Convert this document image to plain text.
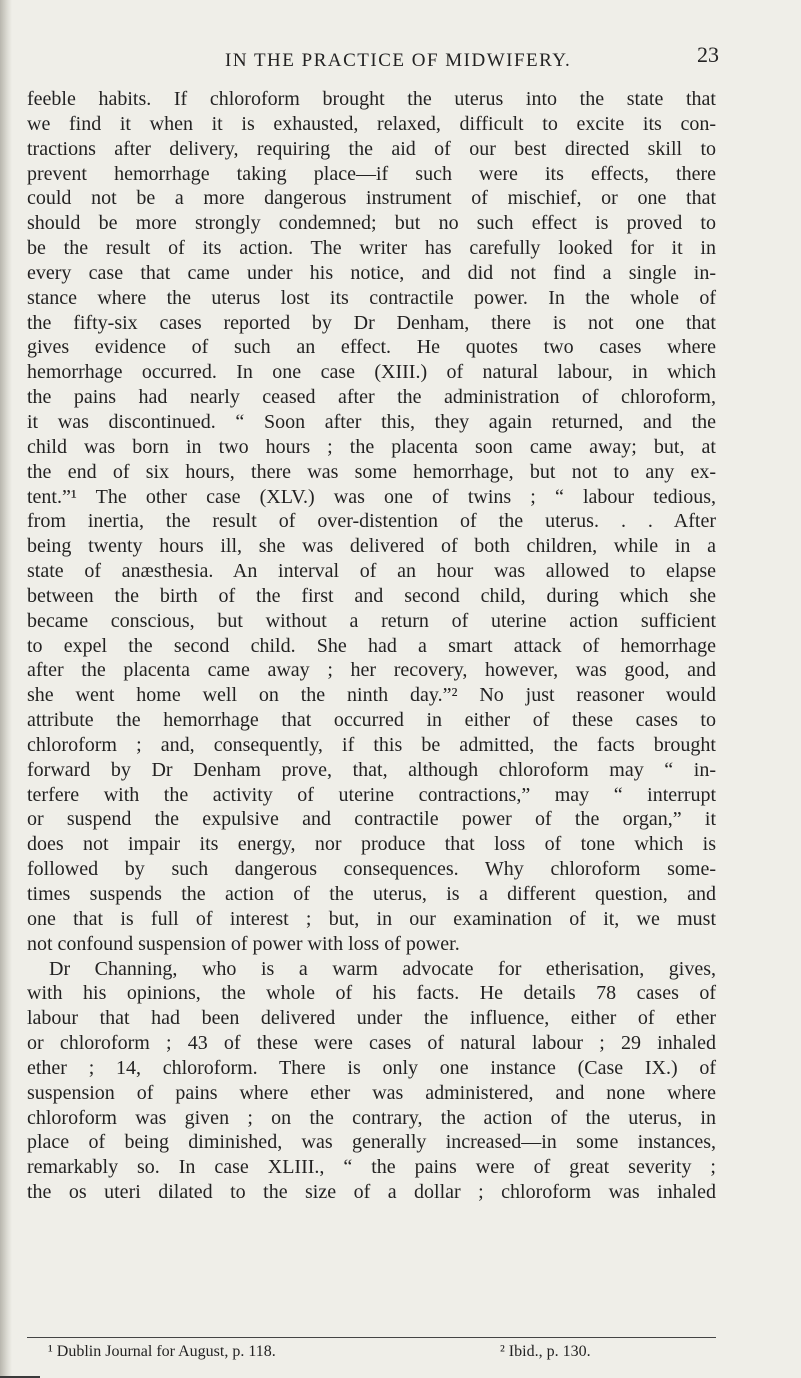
IN THE PRACTICE OF MIDWIFERY.	23
feeble habits. If chloroform brought the uterus into the state that
we find it when it is exhausted, relaxed, difficult to excite its con-
tractions after delivery, requiring the aid of our best directed skill to
prevent hemorrhage taking place—if such were its effects, there
could not be a more dangerous instrument of mischief, or one that
should be more strongly condemned; but no such effect is proved to
be the result of its action. The writer has carefully looked for it in
every case that came under his notice, and did not find a single in-
stance where the uterus lost its contractile power. In the whole of
the fifty-six cases reported by Dr Denham, there is not one that
gives evidence of such an effect. He quotes two cases where
hemorrhage occurred. In one case (XIII.) of natural labour, in which
the pains had nearly ceased after the administration of chloroform,
it was discontinued. “ Soon after this, they again returned, and the
child was born in two hours ; the placenta soon came away; but, at
the end of six hours, there was some hemorrhage, but not to any ex-
tent.”¹ The other case (XLV.) was one of twins ; “ labour tedious,
from inertia, the result of over-distention of the uterus. . . After
being twenty hours ill, she was delivered of both children, while in a
state of anæsthesia. An interval of an hour was allowed to elapse
between the birth of the first and second child, during which she
became conscious, but without a return of uterine action sufficient
to expel the second child. She had a smart attack of hemorrhage
after the placenta came away ; her recovery, however, was good, and
she went home well on the ninth day.”² No just reasoner would
attribute the hemorrhage that occurred in either of these cases to
chloroform ; and, consequently, if this be admitted, the facts brought
forward by Dr Denham prove, that, although chloroform may “ in-
terfere with the activity of uterine contractions,” may “ interrupt
or suspend the expulsive and contractile power of the organ,” it
does not impair its energy, nor produce that loss of tone which is
followed by such dangerous consequences. Why chloroform some-
times suspends the action of the uterus, is a different question, and
one that is full of interest ; but, in our examination of it, we must
not confound suspension of power with loss of power.
Dr Channing, who is a warm advocate for etherisation, gives,
with his opinions, the whole of his facts. He details 78 cases of
labour that had been delivered under the influence, either of ether
or chloroform ; 43 of these were cases of natural labour ; 29 inhaled
ether ; 14, chloroform. There is only one instance (Case IX.) of
suspension of pains where ether was administered, and none where
chloroform was given ; on the contrary, the action of the uterus, in
place of being diminished, was generally increased—in some instances,
remarkably so. In case XLIII., “ the pains were of great severity ;
the os uteri dilated to the size of a dollar ; chloroform was inhaled
¹ Dublin Journal for August, p. 118.	² Ibid., p. 130.
